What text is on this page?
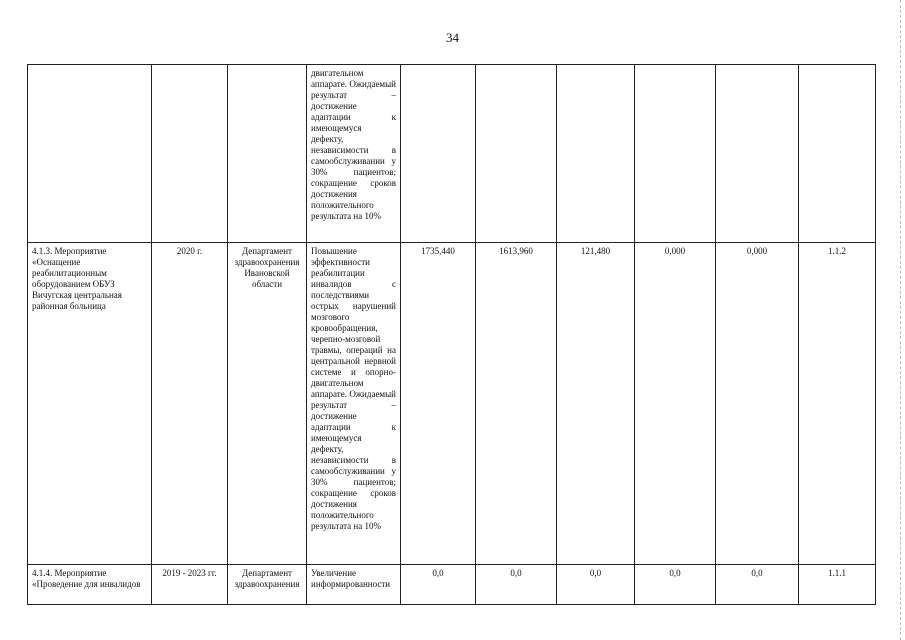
34
			двигательном аппарате. Ожидаемый результат – достижение адаптации к имеющемуся дефекту, независимости в самообслуживании у 30% пациентов; сокращение сроков достижения положительного результата на 10%						
4.1.3. Мероприятие «Оснащение реабилитационным оборудованием ОБУЗ Вичугская центральная районная больница	2020 г.	Департамент здравоохранения Ивановской области	Повышение эффективности реабилитации инвалидов с последствиями острых нарушений мозгового кровообращения, черепно-мозговой травмы, операций на центральной нервной системе и опорно-двигательном аппарате. Ожидаемый результат – достижение адаптации к имеющемуся дефекту, независимости в самообслуживании у 30% пациентов; сокращение сроков достижения положительного результата на 10%	1735,440	1613,960	121,480	0,000	0,000	1.1.2
4.1.4. Мероприятие «Проведение для инвалидов	2019 - 2023 гг.	Департамент здравоохранения	Увеличение информированности	0,0	0,0	0,0	0,0	0,0	1.1.1
